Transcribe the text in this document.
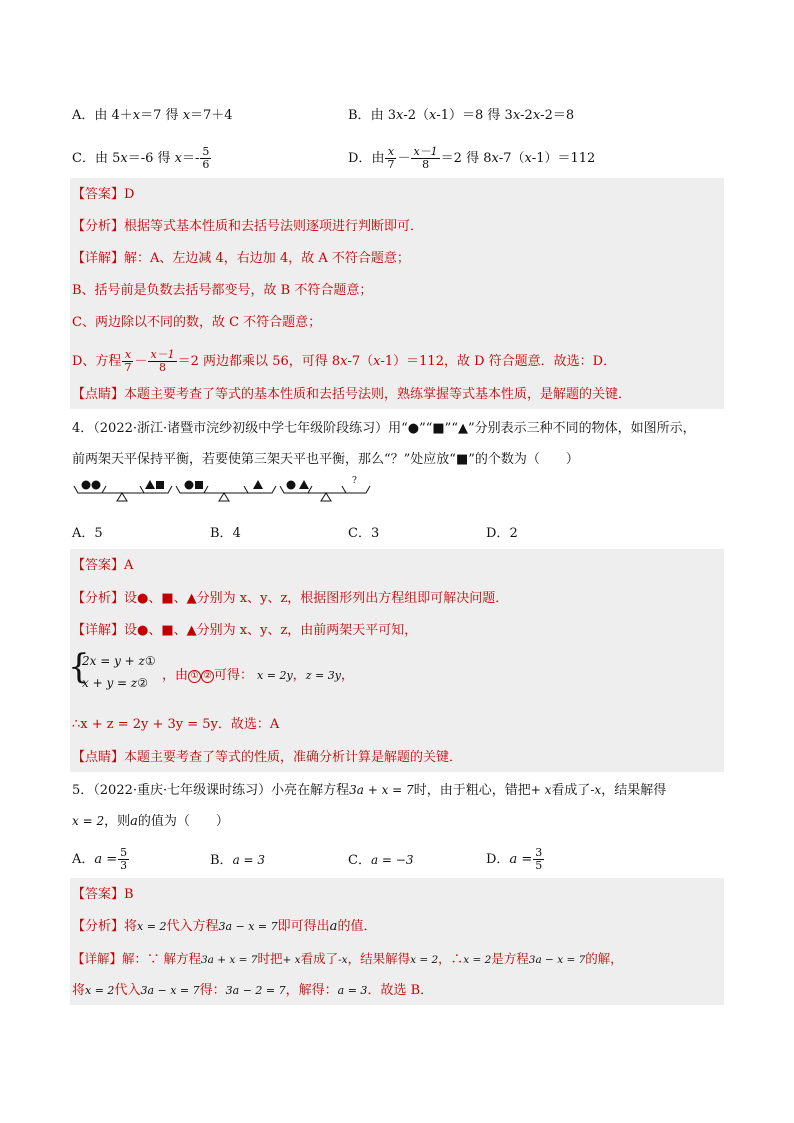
A．由 4＋x＝7 得 x＝7＋4	B．由 3x-2（x-1）＝8 得 3x-2x-2＝8
C．由 5x＝-6 得 $x=- \frac{5}{6}$	D．由 $\frac{x}{7} - \frac{x-1}{8} =2$ 得 8x-7（x-1）＝112
【答案】D
【分析】根据等式基本性质和去括号法则逐项进行判断即可．
【详解】解：A、左边减 4，右边加 4，故 A 不符合题意；
B、括号前是负数去括号都变号，故 B 不符合题意；
C、两边除以不同的数，故 C 不符合题意；
D、方程 $\frac{x}{7} - \frac{x-1}{8} =2$ 两边都乘以 56，可得 8x-7（x-1）＝112，故 D 符合题意．故选：D．
【点睛】本题主要考查了等式的基本性质和去括号法则，熟练掌握等式基本性质，是解题的关键．
4．（2022·浙江·诸暨市浣纱初级中学七年级阶段练习）用“●”“■”“▲”分别表示三种不同的物体，如图所示，
前两架天平保持平衡，若要使第三架天平也平衡，那么“？”处应放“■”的个数为（　　）
?
A．5	B．4	C．3	D．2
【答案】A
【分析】设●、■、▲分别为 x、y、z，根据图形列出方程组即可解决问题．
【详解】设●、■、▲分别为 x、y、z，由前两架天平可知，
{
2x = y + z①
x + y = z② ，由 ① ② 可得： x = 2y，z = 3y，
∴x + z = 2y + 3y = 5y．故选：A
【点睛】本题主要考查了等式的性质，准确分析计算是解题的关键．
5．（2022·重庆·七年级课时练习）小亮在解方程3a + x = 7时，由于粗心，错把+ x看成了-x，结果解得
x = 2，则a的值为（　　）
A．$a = \frac{5}{3}$	B．a = 3	C．a = −3	D．$a = \frac{3}{5}$
【答案】B
【分析】将x = 2代入方程3a − x = 7即可得出a的值．
【详解】解：∵ 解方程3a + x = 7时把+ x看成了-x，结果解得x = 2，∴x = 2是方程3a − x = 7的解，
将x = 2代入3a − x = 7得：3a − 2 = 7，解得：a = 3．故选 B．
